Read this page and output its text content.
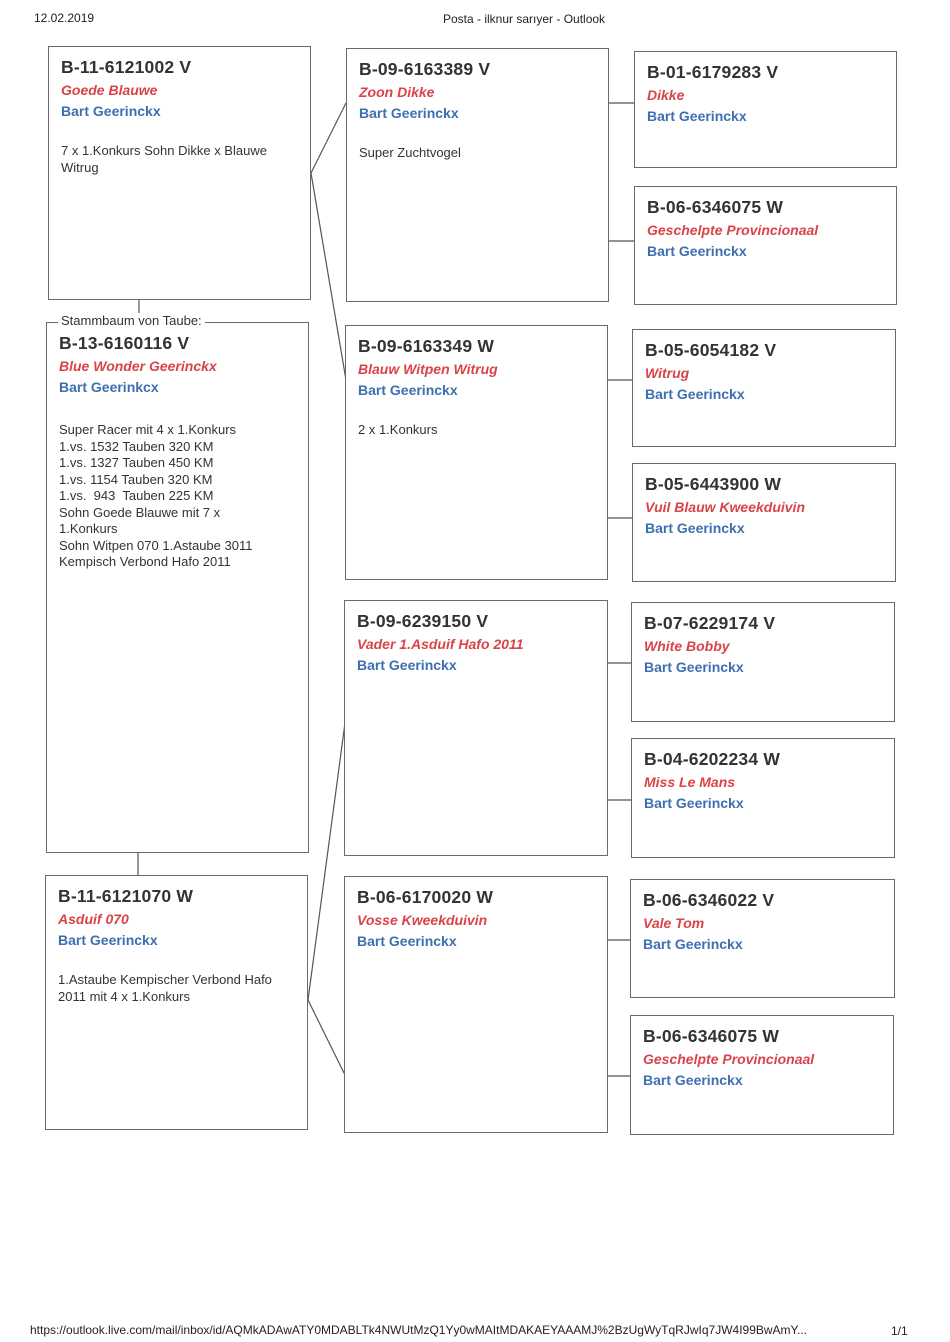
12.02.2019	Posta - ilknur sarıyer - Outlook
B-11-6121002 V
Goede Blauwe
Bart Geerinckx
7 x 1.Konkurs Sohn Dikke x Blauwe
Witrug
B-13-6160116 V
Blue Wonder Geerinckx
Bart Geerinkcx
Super Racer mit 4 x 1.Konkurs
1.vs. 1532 Tauben 320 KM
1.vs. 1327 Tauben 450 KM
1.vs. 1154 Tauben 320 KM
1.vs.  943  Tauben 225 KM
Sohn Goede Blauwe mit 7 x
1.Konkurs
Sohn Witpen 070 1.Astaube 3011
Kempisch Verbond Hafo 2011
Stammbaum von Taube:
B-11-6121070 W
Asduif 070
Bart Geerinckx
1.Astaube Kempischer Verbond Hafo
2011 mit 4 x 1.Konkurs
B-09-6163389 V
Zoon Dikke
Bart Geerinckx
Super Zuchtvogel
B-09-6163349 W
Blauw Witpen Witrug
Bart Geerinckx
2 x 1.Konkurs
B-09-6239150 V
Vader 1.Asduif Hafo 2011
Bart Geerinckx
B-06-6170020 W
Vosse Kweekduivin
Bart Geerinckx
B-01-6179283 V
Dikke
Bart Geerinckx
B-06-6346075 W
Geschelpte Provincionaal
Bart Geerinckx
B-05-6054182 V
Witrug
Bart Geerinckx
B-05-6443900 W
Vuil Blauw Kweekduivin
Bart Geerinckx
B-07-6229174 V
White Bobby
Bart Geerinckx
B-04-6202234 W
Miss Le Mans
Bart Geerinckx
B-06-6346022 V
Vale Tom
Bart Geerinckx
B-06-6346075 W
Geschelpte Provincionaal
Bart Geerinckx
https://outlook.live.com/mail/inbox/id/AQMkADAwATY0MDABLTk4NWUtMzQ1Yy0wMAItMDAKAEYAAAMJ%2BzUgWyTqRJwIq7JW4I99BwAmY...	1/1
